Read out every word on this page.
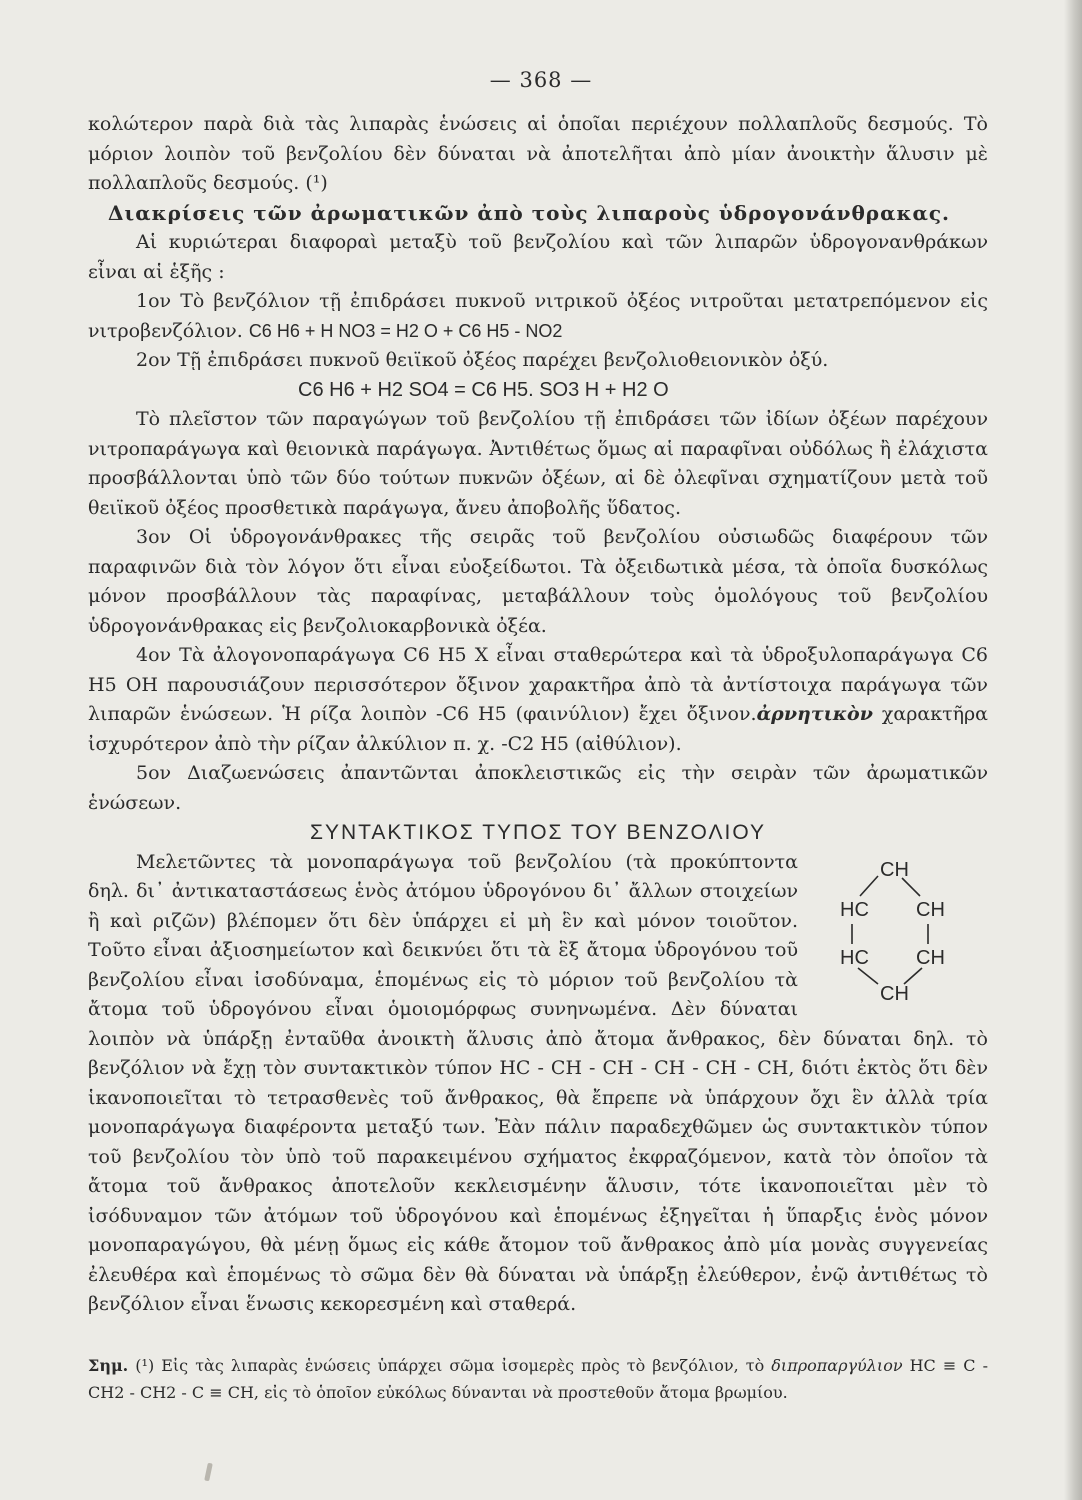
— 368 —

κολώτερον παρὰ διὰ τὰς λιπαρὰς ἑνώσεις αἱ ὁποῖαι περιέχουν πολλαπλοῦς δεσμούς. Τὸ μόριον λοιπὸν τοῦ βενζολίου δὲν δύναται νὰ ἀποτελῆται ἀπὸ μίαν ἀνοικτὴν ἅλυσιν μὲ πολλαπλοῦς δεσμούς. (¹)

Διακρίσεις τῶν ἀρωματικῶν ἀπὸ τοὺς λιπαροὺς ὑδρογονάνθρακας.

Αἱ κυριώτεραι διαφοραὶ μεταξὺ τοῦ βενζολίου καὶ τῶν λιπαρῶν ὑδρογονανθράκων εἶναι αἱ ἑξῆς :

1ον Τὸ βενζόλιον τῇ ἐπιδράσει πυκνοῦ νιτρικοῦ ὀξέος νιτροῦται μετατρεπόμενον εἰς νιτροβενζόλιον. C6 H6 + H NO3 = H2 O + C6 H5 - NO2

2ον Τῇ ἐπιδράσει πυκνοῦ θειϊκοῦ ὀξέος παρέχει βενζολιοθειονικὸν ὀξύ.

C6 H6 + H2 SO4 = C6 H5. SO3 H + H2 O

Τὸ πλεῖστον τῶν παραγώγων τοῦ βενζολίου τῇ ἐπιδράσει τῶν ἰδίων ὀξέων παρέχουν νιτροπαράγωγα καὶ θειονικὰ παράγωγα. Ἀντιθέτως ὅμως αἱ παραφῖναι οὐδόλως ἢ ἐλάχιστα προσβάλλονται ὑπὸ τῶν δύο τούτων πυκνῶν ὀξέων, αἱ δὲ ὀλεφῖναι σχηματίζουν μετὰ τοῦ θειϊκοῦ ὀξέος προσθετικὰ παράγωγα, ἄνευ ἀποβολῆς ὕδατος.

3ον Οἱ ὑδρογονάνθρακες τῆς σειρᾶς τοῦ βενζολίου οὐσιωδῶς διαφέρουν τῶν παραφινῶν διὰ τὸν λόγον ὅτι εἶναι εὐοξείδωτοι. Τὰ ὀξειδωτικὰ μέσα, τὰ ὁποῖα δυσκόλως μόνον προσβάλλουν τὰς παραφίνας, μεταβάλλουν τοὺς ὁμολόγους τοῦ βενζολίου ὑδρογονάνθρακας εἰς βενζολιοκαρβονικὰ ὀξέα.

4ον Τὰ ἀλογονοπαράγωγα C6 H5 X εἶναι σταθερώτερα καὶ τὰ ὑδροξυλοπαράγωγα C6 H5 OH παρουσιάζουν περισσότερον ὄξινον χαρακτῆρα ἀπὸ τὰ ἀντίστοιχα παράγωγα τῶν λιπαρῶν ἑνώσεων. Ἡ ρίζα λοιπὸν -C6 H5 (φαινύλιον) ἔχει ὄξινον.ἀρνητικὸν χαρακτῆρα ἰσχυρότερον ἀπὸ τὴν ρίζαν ἀλκύλιον π. χ. -C2 H5 (αἰθύλιον).

5ον Διαζωενώσεις ἀπαντῶνται ἀποκλειστικῶς εἰς τὴν σειρὰν τῶν ἀρωματικῶν ἑνώσεων.

ΣΥΝΤΑΚΤΙΚΟΣ ΤΥΠΟΣ ΤΟΥ ΒΕΝΖΟΛΙΟΥ

CH
HC CH
HC CH
CH

Μελετῶντες τὰ μονοπαράγωγα τοῦ βενζολίου (τὰ προκύπτοντα δηλ. δι᾽ ἀντικαταστάσεως ἑνὸς ἀτόμου ὑδρογόνου δι᾽ ἄλλων στοιχείων ἢ καὶ ριζῶν) βλέπομεν ὅτι δὲν ὑπάρχει εἰ μὴ ἓν καὶ μόνον τοιοῦτον. Τοῦτο εἶναι ἀξιοσημείωτον καὶ δεικνύει ὅτι τὰ ἓξ ἄτομα ὑδρογόνου τοῦ βενζολίου εἶναι ἰσοδύναμα, ἑπομένως εἰς τὸ μόριον τοῦ βενζολίου τὰ ἄτομα τοῦ ὑδρογόνου εἶναι ὁμοιομόρφως συνηνωμένα. Δὲν δύναται λοιπὸν νὰ ὑπάρξῃ ἐνταῦθα ἀνοικτὴ ἅλυσις ἀπὸ ἄτομα ἄνθρακος, δὲν δύναται δηλ. τὸ βενζόλιον νὰ ἔχῃ τὸν συντακτικὸν τύπον HC - CH - CH - CH - CH - CH, διότι ἐκτὸς ὅτι δὲν ἱκανοποιεῖται τὸ τετρασθενὲς τοῦ ἄνθρακος, θὰ ἔπρεπε νὰ ὑπάρχουν ὄχι ἓν ἀλλὰ τρία μονοπαράγωγα διαφέροντα μεταξύ των. Ἐὰν πάλιν παραδεχθῶμεν ὡς συντακτικὸν τύπον τοῦ βενζολίου τὸν ὑπὸ τοῦ παρακειμένου σχήματος ἐκφραζόμενον, κατὰ τὸν ὁποῖον τὰ ἄτομα τοῦ ἄνθρακος ἀποτελοῦν κεκλεισμένην ἅλυσιν, τότε ἱκανοποιεῖται μὲν τὸ ἰσόδυναμον τῶν ἀτόμων τοῦ ὑδρογόνου καὶ ἑπομένως ἐξηγεῖται ἡ ὕπαρξις ἑνὸς μόνον μονοπαραγώγου, θὰ μένῃ ὅμως εἰς κάθε ἄτομον τοῦ ἄνθρακος ἀπὸ μία μονὰς συγγενείας ἐλευθέρα καὶ ἑπομένως τὸ σῶμα δὲν θὰ δύναται νὰ ὑπάρξῃ ἐλεύθερον, ἐνῷ ἀντιθέτως τὸ βενζόλιον εἶναι ἕνωσις κεκορεσμένη καὶ σταθερά.

Σημ. (¹) Εἰς τὰς λιπαρὰς ἑνώσεις ὑπάρχει σῶμα ἰσομερὲς πρὸς τὸ βενζόλιον, τὸ διπροπαργύλιον HC ≡ C - CH2 - CH2 - C ≡ CH, εἰς τὸ ὁποῖον εὐκόλως δύνανται νὰ προστεθοῦν ἄτομα βρωμίου.
